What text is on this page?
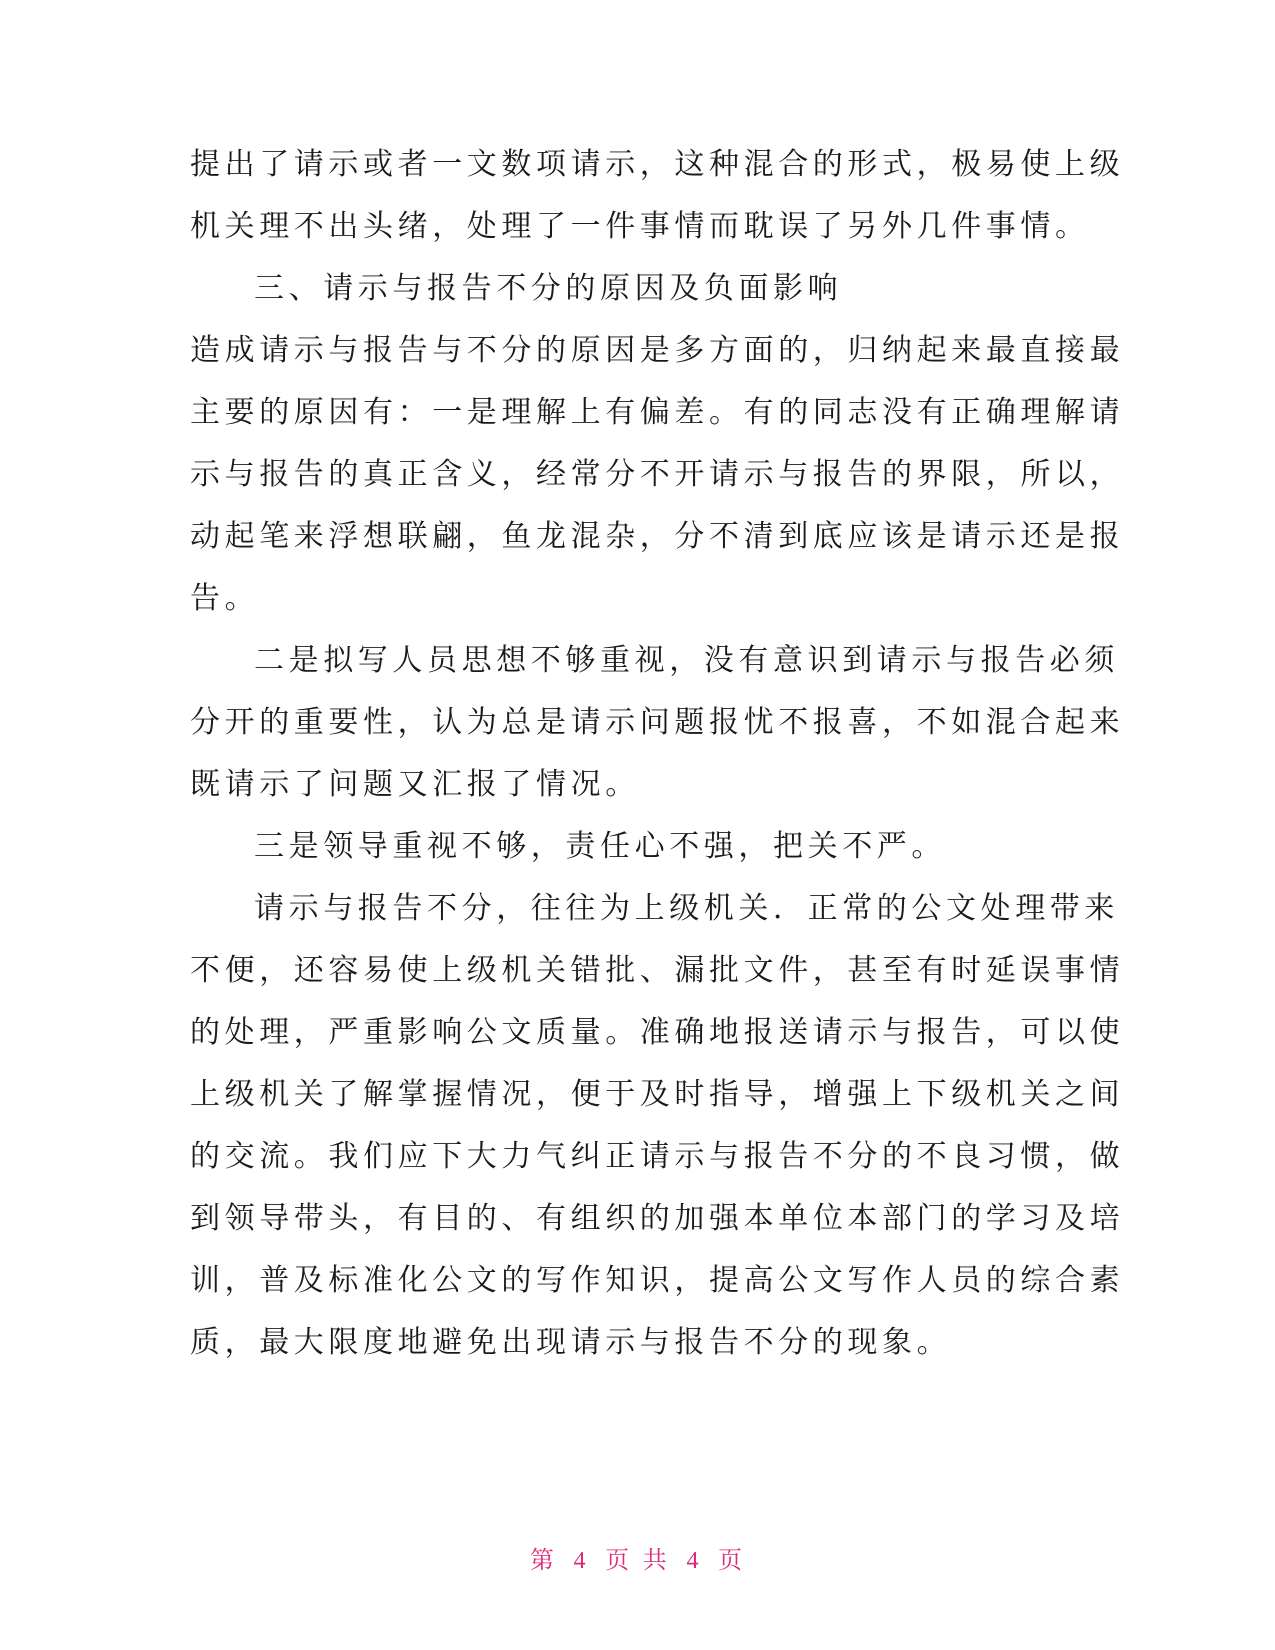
提出了请示或者一文数项请示，这种混合的形式，极易使上级
机关理不出头绪，处理了一件事情而耽误了另外几件事情。
三、请示与报告不分的原因及负面影响
造成请示与报告与不分的原因是多方面的，归纳起来最直接最
主要的原因有：一是理解上有偏差。有的同志没有正确理解请
示与报告的真正含义，经常分不开请示与报告的界限，所以，
动起笔来浮想联翩，鱼龙混杂，分不清到底应该是请示还是报
告。
二是拟写人员思想不够重视，没有意识到请示与报告必须
分开的重要性，认为总是请示问题报忧不报喜，不如混合起来
既请示了问题又汇报了情况。
三是领导重视不够，责任心不强，把关不严。
请示与报告不分，往往为上级机关．正常的公文处理带来
不便，还容易使上级机关错批、漏批文件，甚至有时延误事情
的处理，严重影响公文质量。准确地报送请示与报告，可以使
上级机关了解掌握情况，便于及时指导，增强上下级机关之间
的交流。我们应下大力气纠正请示与报告不分的不良习惯，做
到领导带头，有目的、有组织的加强本单位本部门的学习及培
训，普及标准化公文的写作知识，提高公文写作人员的综合素
质，最大限度地避免出现请示与报告不分的现象。
第 4 页 共 4 页
